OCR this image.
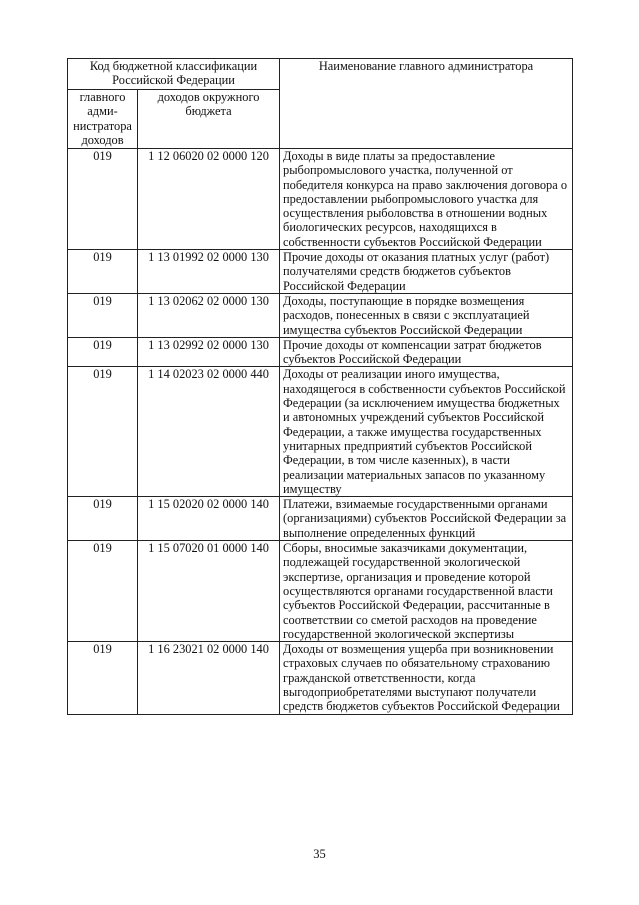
Код бюджетной классификации Российской Федерации		Наименование главного администратора
главного адми- нистратора доходов	доходов окружного бюджета	
019	1 12 06020 02 0000 120	Доходы в виде платы за предоставление рыбопромыслового участка, полученной от победителя конкурса на право заключения договора о предоставлении рыбопромыслового участка для осуществления рыболовства в отношении водных биологических ресурсов, находящихся в собственности субъектов Российской Федерации
019	1 13 01992 02 0000 130	Прочие доходы от оказания платных услуг (работ) получателями средств бюджетов субъектов Российской Федерации
019	1 13 02062 02 0000 130	Доходы, поступающие в порядке возмещения расходов, понесенных в связи с эксплуатацией имущества субъектов Российской Федерации
019	1 13 02992 02 0000 130	Прочие доходы от компенсации затрат бюджетов субъектов Российской Федерации
019	1 14 02023 02 0000 440	Доходы от реализации иного имущества, находящегося в собственности субъектов Российской Федерации (за исключением имущества бюджетных и автономных учреждений субъектов Российской Федерации, а также имущества государственных унитарных предприятий субъектов Российской Федерации, в том числе казенных), в части реализации материальных запасов по указанному имуществу
019	1 15 02020 02 0000 140	Платежи, взимаемые государственными органами (организациями) субъектов Российской Федерации за выполнение определенных функций
019	1 15 07020 01 0000 140	Сборы, вносимые заказчиками документации, подлежащей государственной экологической экспертизе, организация и проведение которой осуществляются органами государственной власти субъектов Российской Федерации, рассчитанные в соответствии со сметой расходов на проведение государственной экологической экспертизы
019	1 16 23021 02 0000 140	Доходы от возмещения ущерба при возникновении страховых случаев по обязательному страхованию гражданской ответственности, когда выгодоприобретателями выступают получатели средств бюджетов субъектов Российской Федерации
35
